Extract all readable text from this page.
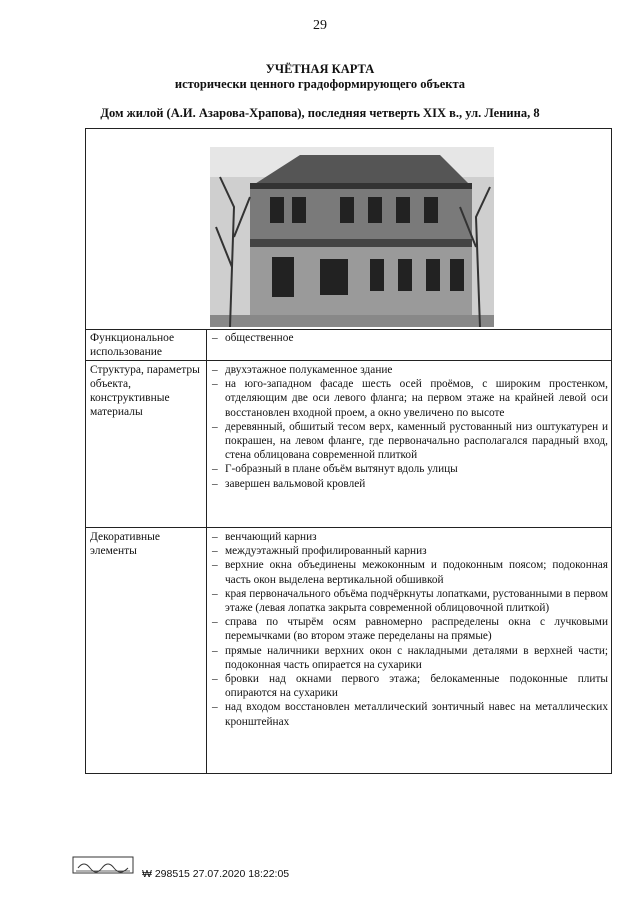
29
УЧЁТНАЯ КАРТА
исторически ценного градоформирующего объекта
Дом жилой (А.И. Азарова-Храпова), последняя четверть XIX в., ул. Ленина, 8
Функциональное использование
– общественное
Структура, параметры объекта, конструктивные материалы
– двухэтажное полукаменное здание
– на юго-западном фасаде шесть осей проёмов, с широким простенком, отделяющим две оси левого фланга; на первом этаже на крайней левой оси восстановлен входной проем, а окно увеличено по высоте
– деревянный, обшитый тесом верх, каменный рустованный низ оштукатурен и покрашен, на левом фланге, где первоначально располагался парадный вход, стена облицована современной плиткой
– Г-образный в плане объём вытянут вдоль улицы
– завершен вальмовой кровлей
Декоративные элементы
– венчающий карниз
– междуэтажный профилированный карниз
– верхние окна объединены межоконным и подоконным поясом; подоконная часть окон выделена вертикальной обшивкой
– края первоначального объёма подчёркнуты лопатками, рустованными в первом этаже (левая лопатка закрыта современной облицовочной плиткой)
– справа по чтырём осям равномерно распределены окна с лучковыми перемычками (во втором этаже переделаны на прямые)
– прямые наличники верхних окон с накладными деталями в верхней части; подоконная часть опирается на сухарики
– бровки над окнами первого этажа; белокаменные подоконные плиты опираются на сухарики
– над входом восстановлен металлический зонтичный навес на металлических кронштейнах
₩ 298515 27.07.2020 18:22:05
